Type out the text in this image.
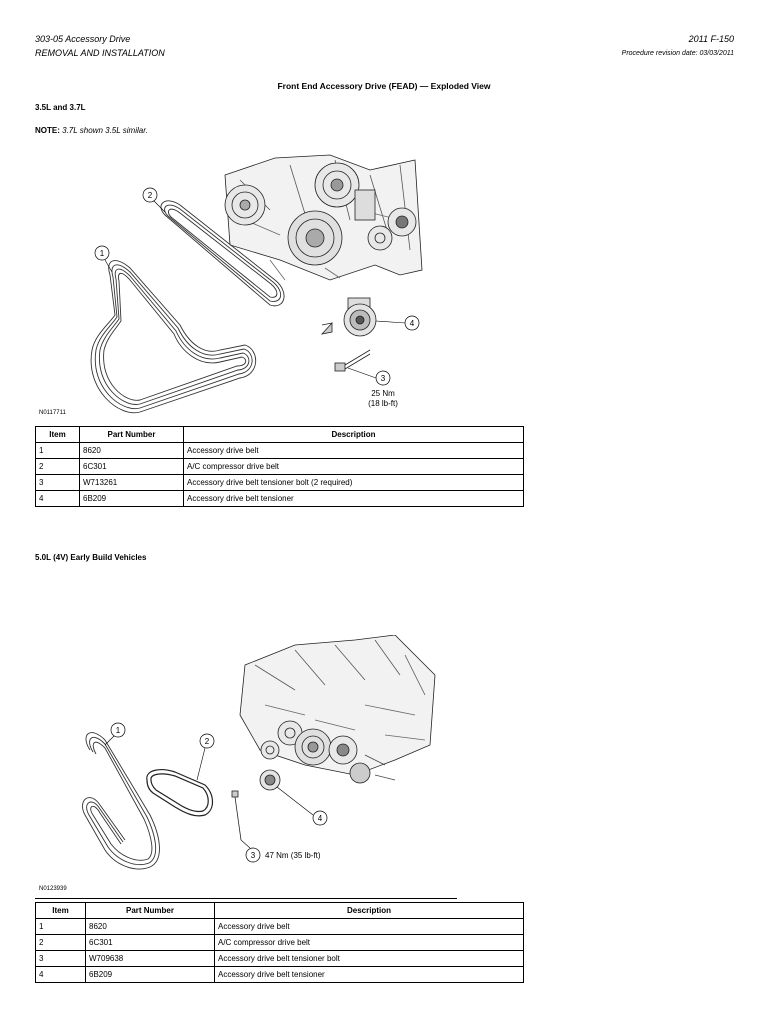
303-05 Accessory Drive
REMOVAL AND INSTALLATION
2011 F-150
Procedure revision date: 03/03/2011
Front End Accessory Drive (FEAD) — Exploded View
3.5L and 3.7L
NOTE: 3.7L shown 3.5L similar.
1
2
3
4
25 Nm
(18 lb-ft)
N0117711
Item	Part Number	Description
1	8620	Accessory drive belt
2	6C301	A/C compressor drive belt
3	W713261	Accessory drive belt tensioner bolt (2 required)
4	6B209	Accessory drive belt tensioner
5.0L (4V) Early Build Vehicles
1
2
3
4
47 Nm (35 lb-ft)
N0123939
Item	Part Number	Description
1	8620	Accessory drive belt
2	6C301	A/C compressor drive belt
3	W709638	Accessory drive belt tensioner bolt
4	6B209	Accessory drive belt tensioner
